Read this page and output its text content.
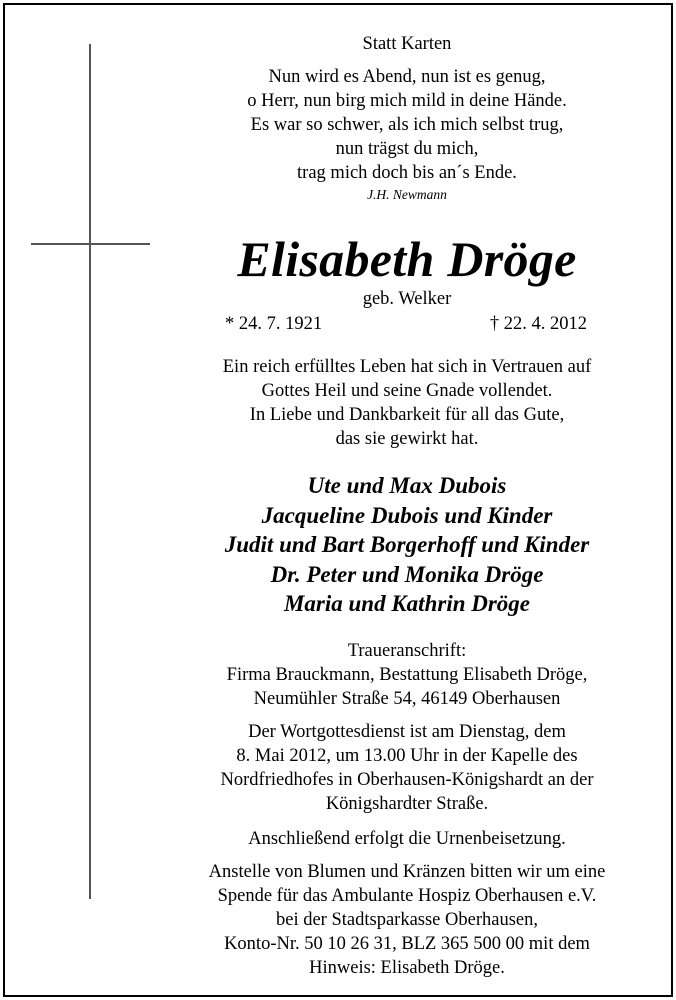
Statt Karten
Nun wird es Abend, nun ist es genug,
o Herr, nun birg mich mild in deine Hände.
Es war so schwer, als ich mich selbst trug,
nun trägst du mich,
trag mich doch bis an´s Ende.
J.H. Newmann
Elisabeth Dröge
geb. Welker
* 24. 7. 1921	† 22. 4. 2012
Ein reich erfülltes Leben hat sich in Vertrauen auf
Gottes Heil und seine Gnade vollendet.
In Liebe und Dankbarkeit für all das Gute,
das sie gewirkt hat.
Ute und Max Dubois
Jacqueline Dubois und Kinder
Judit und Bart Borgerhoff und Kinder
Dr. Peter und Monika Dröge
Maria und Kathrin Dröge
Traueranschrift:
Firma Brauckmann, Bestattung Elisabeth Dröge,
Neumühler Straße 54, 46149 Oberhausen
Der Wortgottesdienst ist am Dienstag, dem
8. Mai 2012, um 13.00 Uhr in der Kapelle des
Nordfriedhofes in Oberhausen-Königshardt an der
Königshardter Straße.
Anschließend erfolgt die Urnenbeisetzung.
Anstelle von Blumen und Kränzen bitten wir um eine
Spende für das Ambulante Hospiz Oberhausen e.V.
bei der Stadtsparkasse Oberhausen,
Konto-Nr. 50 10 26 31, BLZ 365 500 00 mit dem
Hinweis: Elisabeth Dröge.
